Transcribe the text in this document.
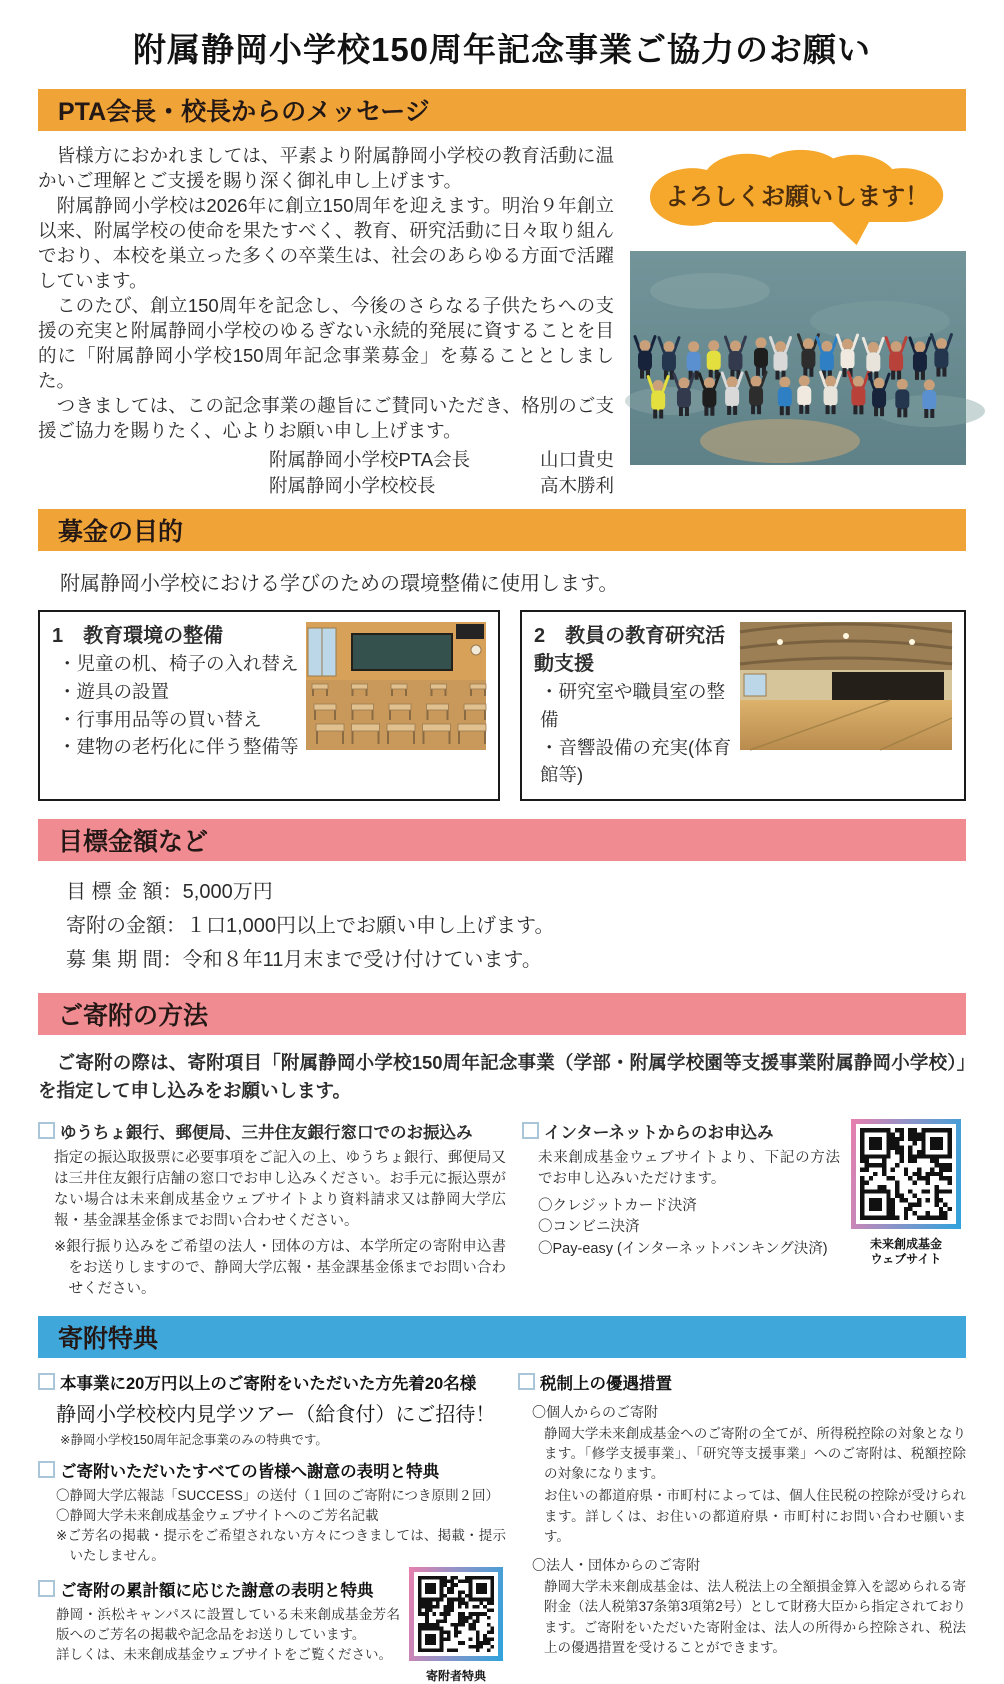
附属静岡小学校150周年記念事業ご協力のお願い
PTA会長・校長からのメッセージ

　皆様方におかれましては、平素より附属静岡小学校の教育活動に温かいご理解とご支援を賜り深く御礼申し上げます。

　附属静岡小学校は2026年に創立150周年を迎えます。明治９年創立以来、附属学校の使命を果たすべく、教育、研究活動に日々取り組んでおり、本校を巣立った多くの卒業生は、社会のあらゆる方面で活躍しています。

　このたび、創立150周年を記念し、今後のさらなる子供たちへの支援の充実と附属静岡小学校のゆるぎない永続的発展に資することを目的に「附属静岡小学校150周年記念事業募金」を募ることとしました。

　つきましては、この記念事業の趣旨にご賛同いただき、格別のご支援ご協力を賜りたく、心よりお願い申し上げます。

附属静岡小学校PTA会長	山口貴史
附属静岡小学校校長	高木勝利
よろしくお願いします！
募金の目的
附属静岡小学校における学びのための環境整備に使用します。
1　教育環境の整備
・児童の机、椅子の入れ替え
・遊具の設置
・行事用品等の買い替え
・建物の老朽化に伴う整備等
2　教員の教育研究活動支援
・研究室や職員室の整備
・音響設備の充実(体育館等)
目標金額など
目 標 金 額：5,000万円
寄附の金額：１口1,000円以上でお願い申し上げます。
募 集 期 間：令和８年11月末まで受け付けています。
ご寄附の方法
　ご寄附の際は、寄附項目「附属静岡小学校150周年記念事業（学部・附属学校園等支援事業附属静岡小学校）」を指定して申し込みをお願いします。
ゆうちょ銀行、郵便局、三井住友銀行窓口でのお振込み
指定の振込取扱票に必要事項をご記入の上、ゆうちょ銀行、郵便局又は三井住友銀行店舗の窓口でお申し込みください。お手元に振込票がない場合は未来創成基金ウェブサイトより資料請求又は静岡大学広報・基金課基金係までお問い合わせください。
※銀行振り込みをご希望の法人・団体の方は、本学所定の寄附申込書をお送りしますので、静岡大学広報・基金課基金係までお問い合わせください。
インターネットからのお申込み
未来創成基金ウェブサイトより、下記の方法でお申し込みいただけます。
〇クレジットカード決済
〇コンビニ決済
〇Pay-easy (インターネットバンキング決済)	未来創成基金
ウェブサイト
寄附特典
本事業に20万円以上のご寄附をいただいた方先着20名様
静岡小学校校内見学ツアー（給食付）にご招待！
※静岡小学校150周年記念事業のみの特典です。
ご寄附いただいたすべての皆様へ謝意の表明と特典
〇静岡大学広報誌「SUCCESS」の送付（１回のご寄附につき原則２回）
〇静岡大学未来創成基金ウェブサイトへのご芳名記載
※ご芳名の掲載・提示をご希望されない方々につきましては、掲載・提示いたしません。
ご寄附の累計額に応じた謝意の表明と特典
静岡・浜松キャンパスに設置している未来創成基金芳名版へのご芳名の掲載や記念品をお送りしています。
詳しくは、未来創成基金ウェブサイトをご覧ください。
寄附者特典
税制上の優遇措置
〇個人からのご寄附
静岡大学未来創成基金へのご寄附の全てが、所得税控除の対象となります。「修学支援事業」、「研究等支援事業」へのご寄附は、税額控除の対象になります。
お住いの都道府県・市町村によっては、個人住民税の控除が受けられます。詳しくは、お住いの都道府県・市町村にお問い合わせ願います。
〇法人・団体からのご寄附
静岡大学未来創成基金は、法人税法上の全額損金算入を認められる寄附金（法人税第37条第3項第2号）として財務大臣から指定されております。ご寄附をいただいた寄附金は、法人の所得から控除され、税法上の優遇措置を受けることができます。
